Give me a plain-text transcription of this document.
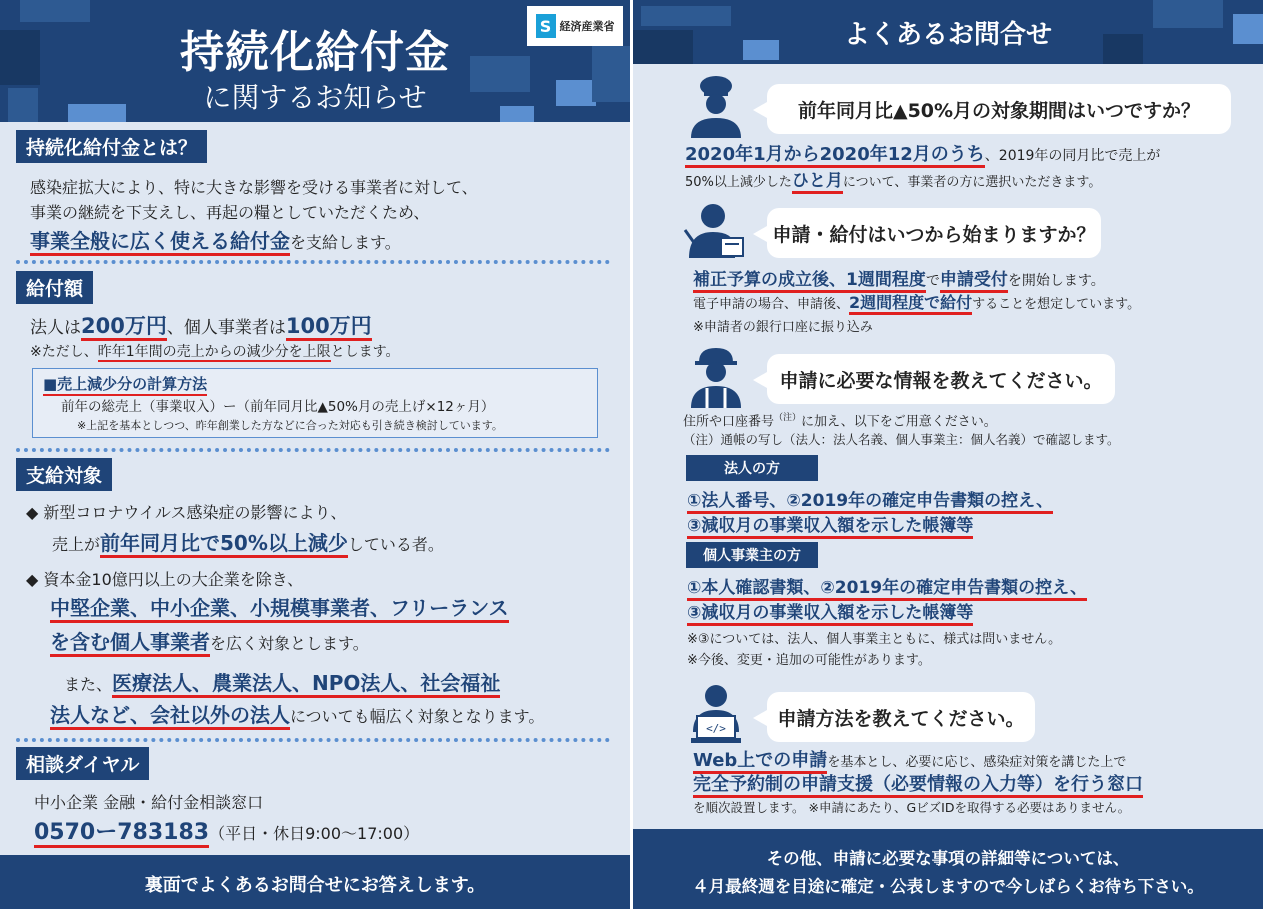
持続化給付金
に関するお知らせ
S 経済産業省
持続化給付金とは？
感染症拡大により、特に大きな影響を受ける事業者に対して、
事業の継続を下支えし、再起の糧としていただくため、
事業全般に広く使える給付金を支給します。
給付額
法人は200万円、個人事業者は100万円
※ただし、昨年1年間の売上からの減少分を上限とします。
■売上減少分の計算方法
前年の総売上（事業収入）ー（前年同月比▲50%月の売上げ×12ヶ月）
※上記を基本としつつ、昨年創業した方などに合った対応も引き続き検討しています。
支給対象
◆ 新型コロナウイルス感染症の影響により、
売上が前年同月比で50%以上減少している者。
◆ 資本金10億円以上の大企業を除き、
中堅企業、中小企業、小規模事業者、フリーランス
を含む個人事業者を広く対象とします。
また、医療法人、農業法人、NPO法人、社会福祉
法人など、会社以外の法人についても幅広く対象となります。
相談ダイヤル
中小企業 金融・給付金相談窓口
0570ー783183（平日・休日9:00～17:00）
裏面でよくあるお問合せにお答えします。
よくあるお問合せ
前年同月比▲50%月の対象期間はいつですか？
2020年1月から2020年12月のうち、2019年の同月比で売上が
50%以上減少したひと月について、事業者の方に選択いただきます。
申請・給付はいつから始まりますか？
補正予算の成立後、1週間程度で申請受付を開始します。
電子申請の場合、申請後、2週間程度で給付することを想定しています。
※申請者の銀行口座に振り込み
申請に必要な情報を教えてください。
住所や口座番号$^{(注)}$に加え、以下をご用意ください。
（注）通帳の写し（法人：法人名義、個人事業主：個人名義）で確認します。
法人の方
①法人番号、②2019年の確定申告書類の控え、
③減収月の事業収入額を示した帳簿等
個人事業主の方
①本人確認書類、②2019年の確定申告書類の控え、
③減収月の事業収入額を示した帳簿等
※③については、法人、個人事業主ともに、様式は問いません。
※今後、変更・追加の可能性があります。
</>	申請方法を教えてください。
Web上での申請を基本とし、必要に応じ、感染症対策を講じた上で
完全予約制の申請支援（必要情報の入力等）を行う窓口
を順次設置します。 ※申請にあたり、GビズIDを取得する必要はありません。
その他、申請に必要な事項の詳細等については、
４月最終週を目途に確定・公表しますので今しばらくお待ち下さい。
